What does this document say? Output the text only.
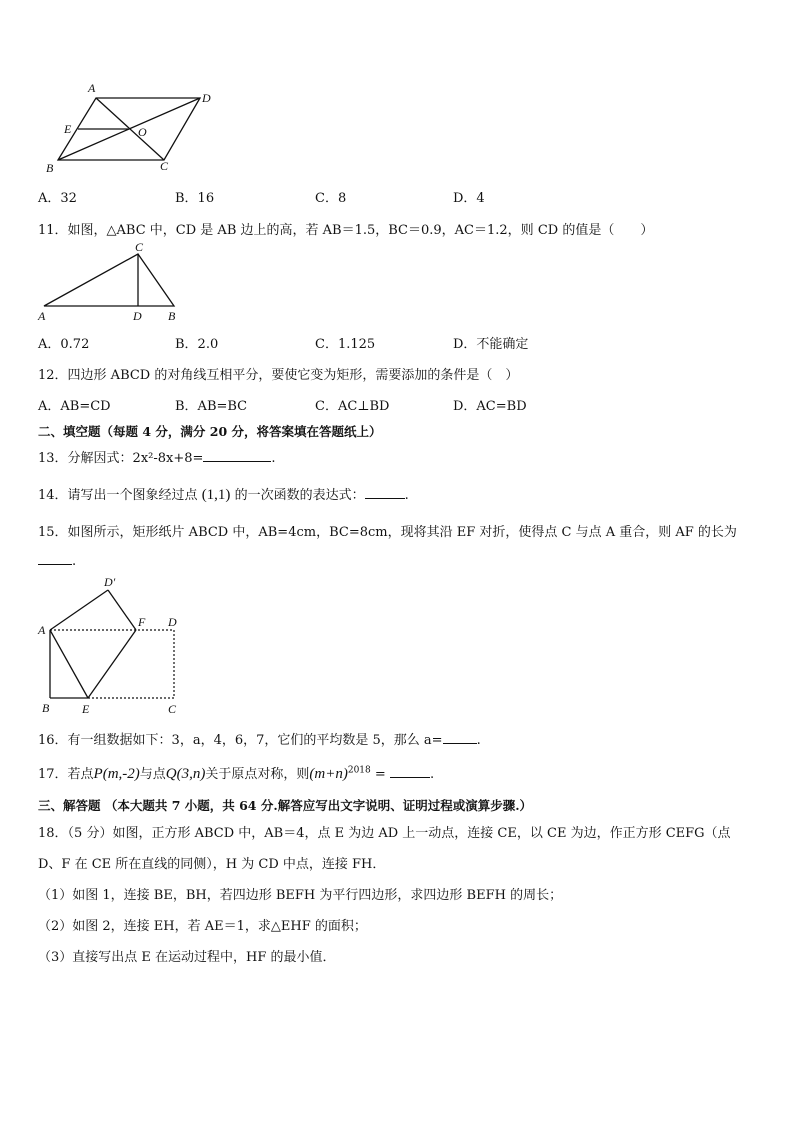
A
D
E	O
B	C
A．32	B．16	C．8	D．4
11．如图，△ABC 中，CD 是 AB 边上的高，若 AB＝1.5，BC＝0.9，AC＝1.2，则 CD 的值是（　　）
C
A	D B
A．0.72	B．2.0	C．1.125	D．不能确定
12．四边形 ABCD 的对角线互相平分，要使它变为矩形，需要添加的条件是（　）
A．AB=CD	B．AB=BC	C．AC⊥BD	D．AC=BD
二、填空题（每题 4 分，满分 20 分，将答案填在答题纸上）
13．分解因式：2x²-8x+8=	.
14．请写出一个图象经过点 (1,1) 的一次函数的表达式：	.
15．如图所示，矩形纸片 ABCD 中，AB=4cm，BC=8cm，现将其沿 EF 对折，使得点 C 与点 A 重合，则 AF 的长为
.
D′
A
F D
B	E	C
16．有一组数据如下：3，a，4，6，7，它们的平均数是 5，那么 a=	.
17．若点P(m,-2)与点Q(3,n)关于原点对称，则$(m+n)^{2018}$ =	.
三、解答题 （本大题共 7 小题，共 64 分.解答应写出文字说明、证明过程或演算步骤.）
18．（5 分）如图，正方形 ABCD 中，AB＝4，点 E 为边 AD 上一动点，连接 CE，以 CE 为边，作正方形 CEFG（点
D、F 在 CE 所在直线的同侧），H 为 CD 中点，连接 FH．
（1）如图 1，连接 BE，BH，若四边形 BEFH 为平行四边形，求四边形 BEFH 的周长；
（2）如图 2，连接 EH，若 AE＝1，求△EHF 的面积；
（3）直接写出点 E 在运动过程中，HF 的最小值．
